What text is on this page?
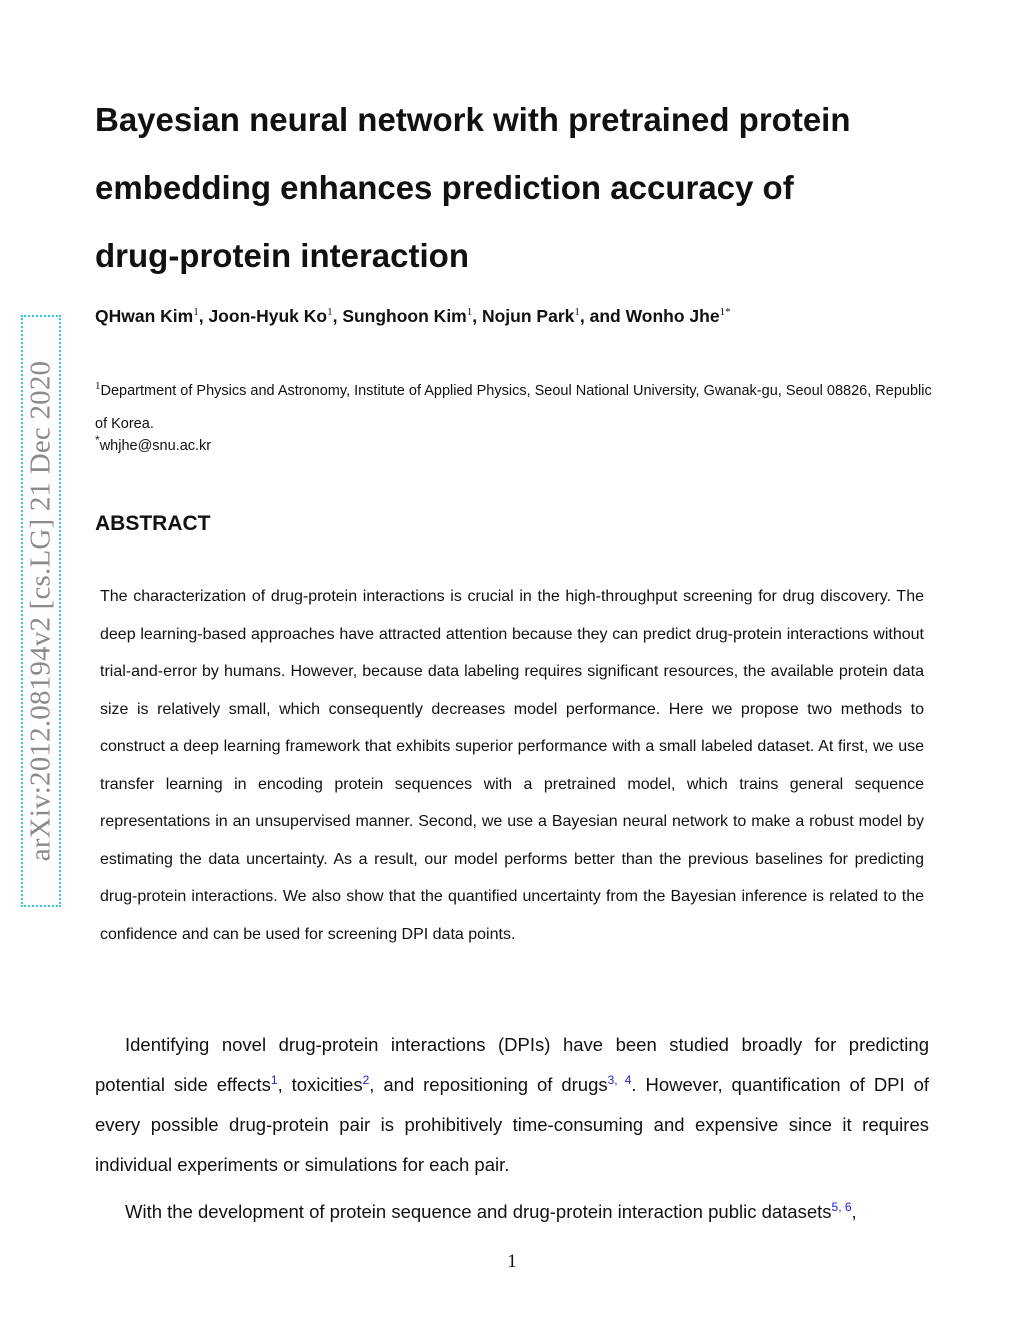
arXiv:2012.08194v2 [cs.LG] 21 Dec 2020
Bayesian neural network with pretrained protein
embedding enhances prediction accuracy of
drug-protein interaction

QHwan Kim$^1$, Joon-Hyuk Ko$^1$, Sunghoon Kim$^1$, Nojun Park$^1$, and Wonho Jhe$^{1*}$

$^1$Department of Physics and Astronomy, Institute of Applied Physics, Seoul National University, Gwanak-gu, Seoul 08826, Republic of Korea.

*whjhe@snu.ac.kr

ABSTRACT

The characterization of drug-protein interactions is crucial in the high-throughput screening for drug discovery. The deep learning-based approaches have attracted attention because they can predict drug-protein interactions without trial-and-error by humans. However, because data labeling requires significant resources, the available protein data size is relatively small, which consequently decreases model performance. Here we propose two methods to construct a deep learning framework that exhibits superior performance with a small labeled dataset. At first, we use transfer learning in encoding protein sequences with a pretrained model, which trains general sequence representations in an unsupervised manner. Second, we use a Bayesian neural network to make a robust model by estimating the data uncertainty. As a result, our model performs better than the previous baselines for predicting drug-protein interactions. We also show that the quantified uncertainty from the Bayesian inference is related to the confidence and can be used for screening DPI data points.

Identifying novel drug-protein interactions (DPIs) have been studied broadly for predicting potential side effects$^1$, toxicities$^2$, and repositioning of drugs$^{3, 4}$. However, quantification of DPI of every possible drug-protein pair is prohibitively time-consuming and expensive since it requires individual experiments or simulations for each pair.

With the development of protein sequence and drug-protein interaction public datasets$^{5, 6}$,

1
